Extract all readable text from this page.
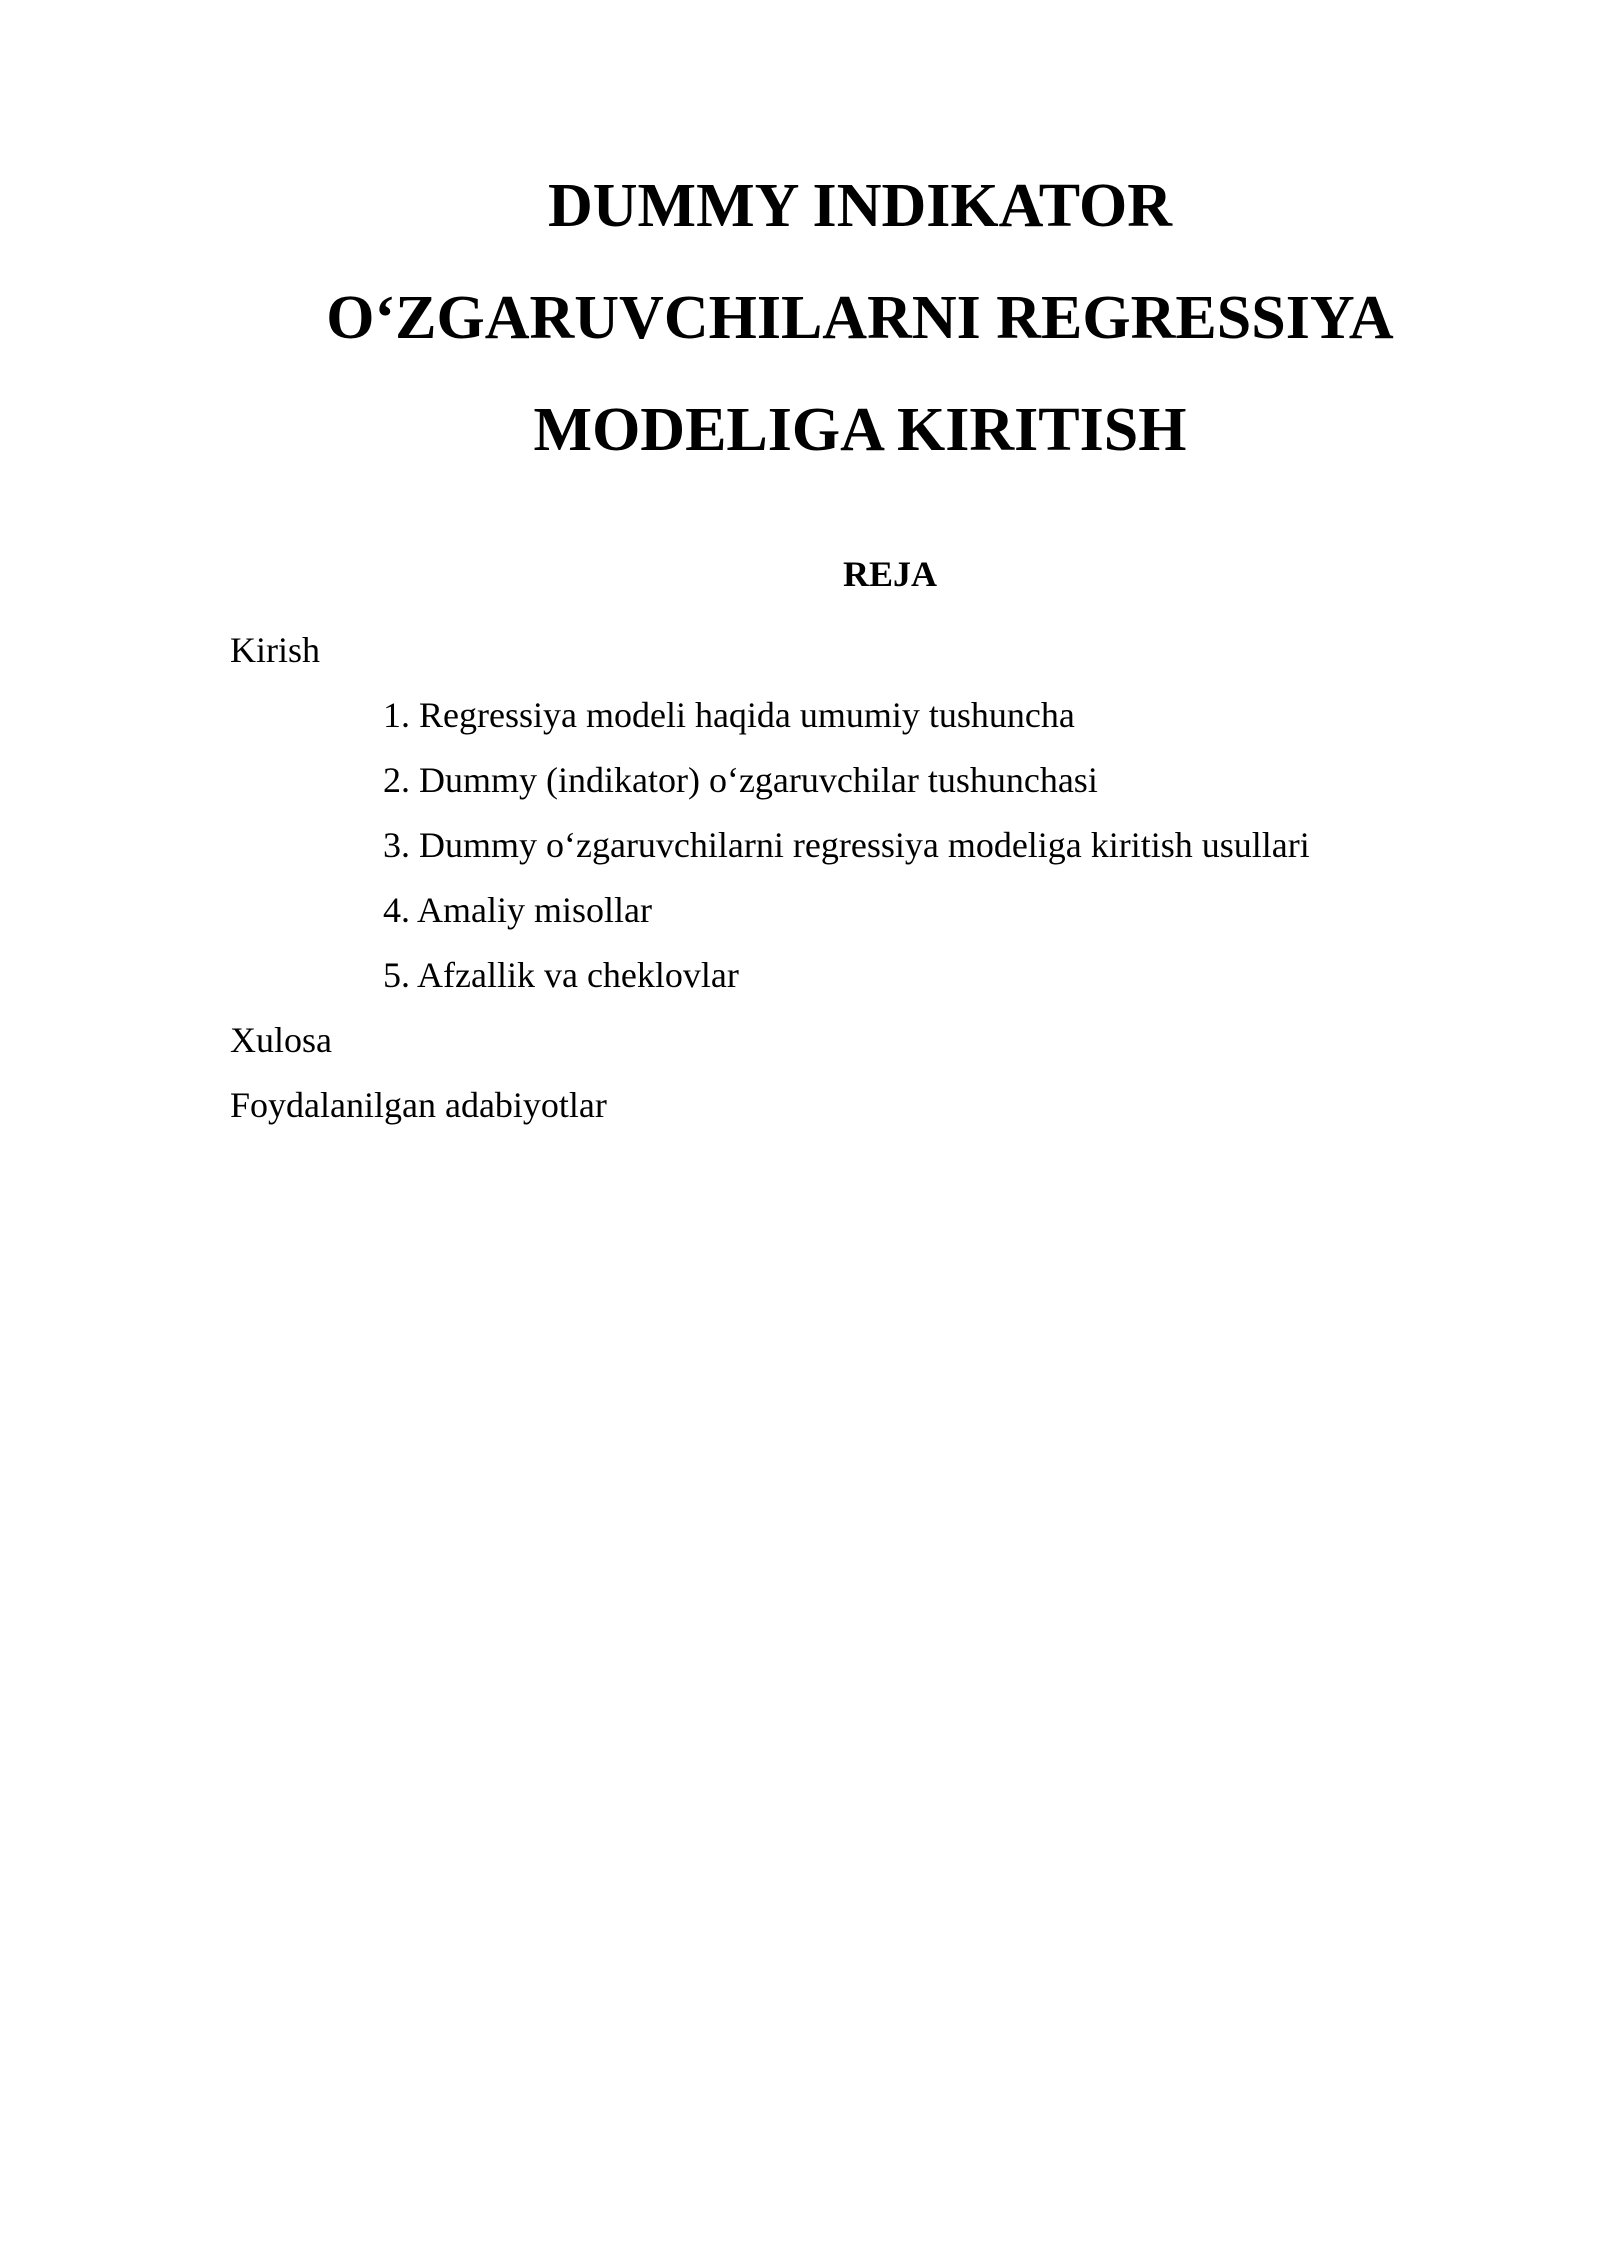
DUMMY INDIKATOR
O‘ZGARUVCHILARNI REGRESSIYA
MODELIGA KIRITISH
REJA
Kirish
1. Regressiya modeli haqida umumiy tushuncha
2. Dummy (indikator) o‘zgaruvchilar tushunchasi
3. Dummy o‘zgaruvchilarni regressiya modeliga kiritish usullari
4. Amaliy misollar
5. Afzallik va cheklovlar
Xulosa
Foydalanilgan adabiyotlar
